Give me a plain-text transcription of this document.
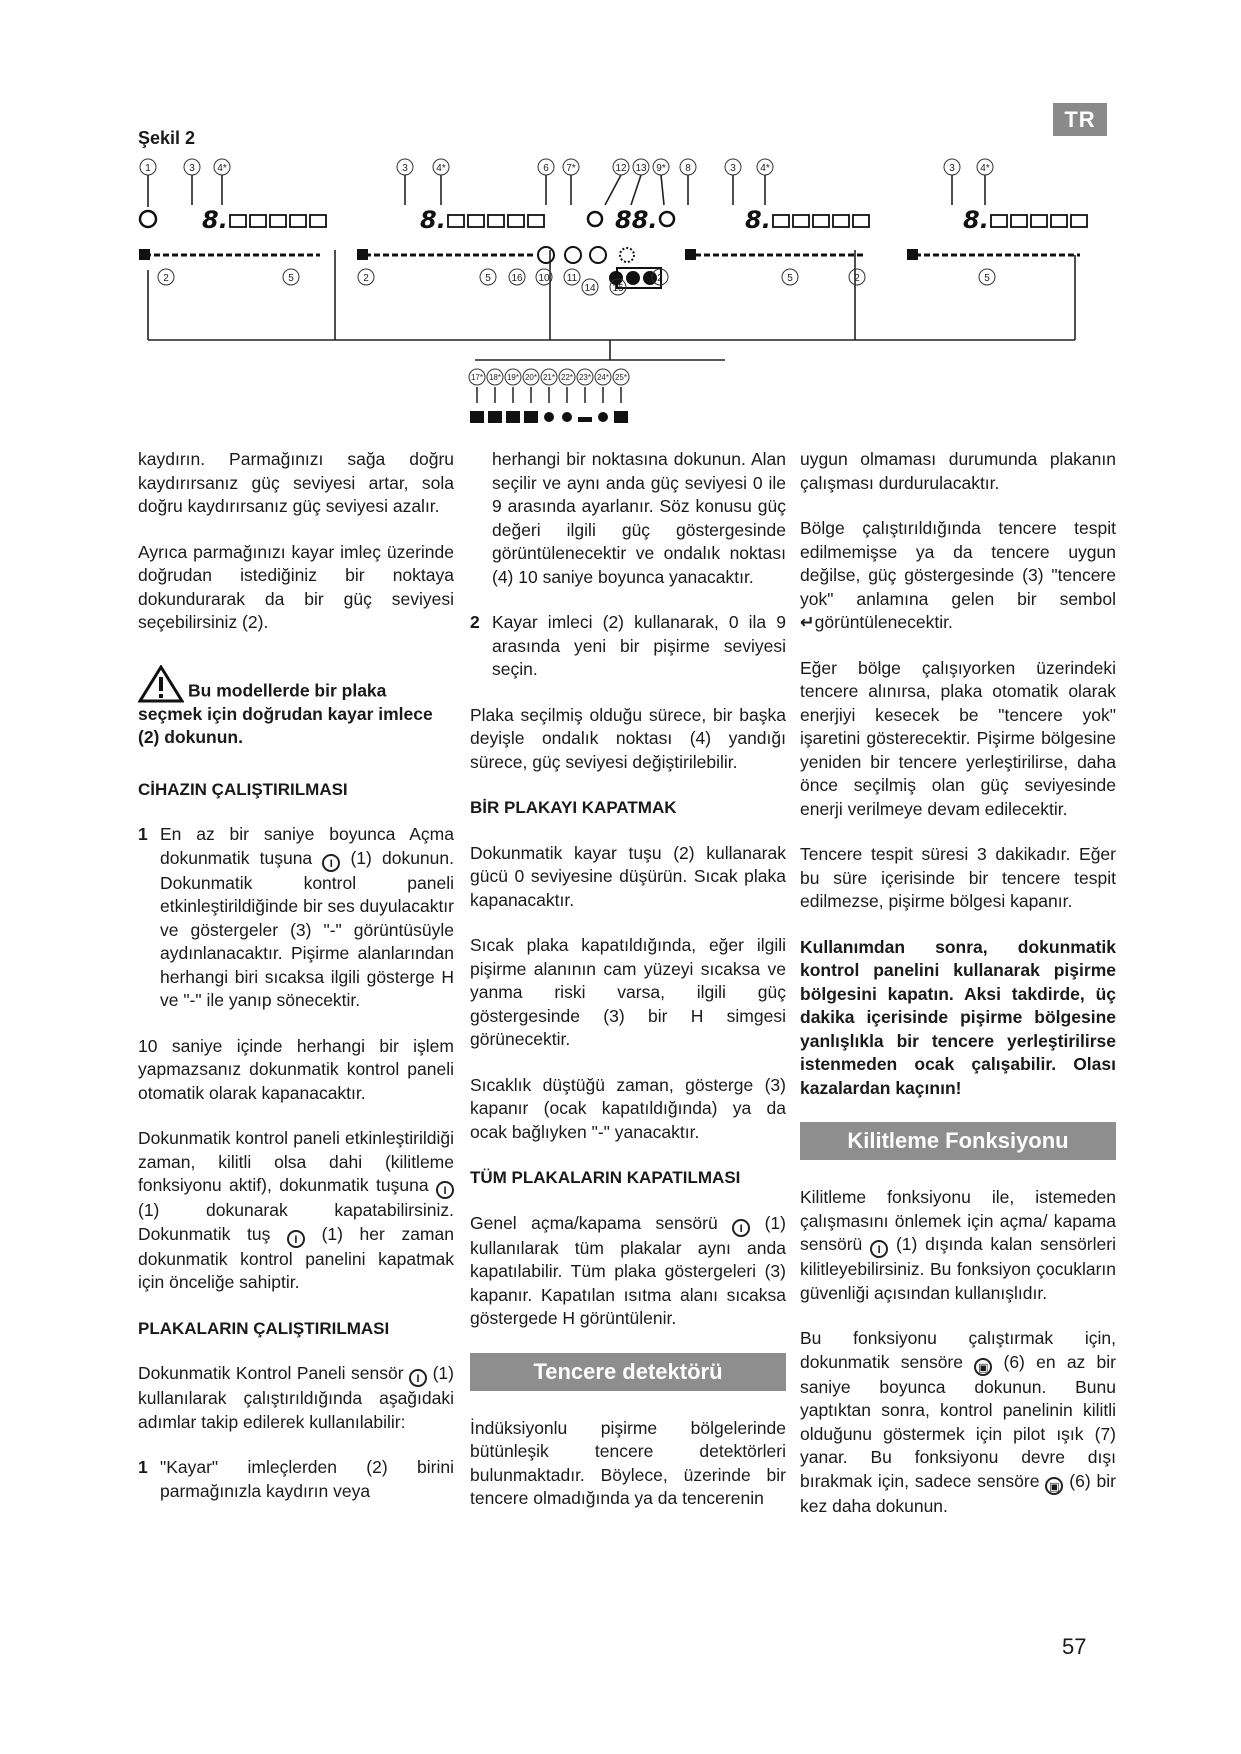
TR
Şekil 2
1	3 4*	3	4*	6 7*	12 13 9* 8	3 4*	3	4*
8.	8.	88.	8.	8.
2	5	2	5 16 10 11
14 15
2	5	2	5
17* 18* 19* 20* 21* 22* 23* 24* 25*

kaydırın. Parmağınızı sağa doğru kaydırırsanız güç seviyesi artar, sola doğru kaydırırsanız güç seviyesi azalır.

Ayrıca parmağınızı kayar imleç üzerinde doğrudan istediğiniz bir noktaya dokundurarak da bir güç seviyesi seçebilirsiniz (2).

Bu modellerde bir plaka seçmek için doğrudan kayar imlece (2) dokunun.
CİHAZIN ÇALIŞTIRILMASI
1 En az bir saniye boyunca Açma dokunmatik tuşuna I (1) dokunun. Dokunmatik kontrol paneli etkinleştirildiğinde bir ses duyulacaktır ve göstergeler (3) "-" görüntüsüyle aydınlanacaktır. Pişirme alanlarından herhangi biri sıcaksa ilgili gösterge H ve "-" ile yanıp sönecektir.

10 saniye içinde herhangi bir işlem yapmazsanız dokunmatik kontrol paneli otomatik olarak kapanacaktır.

Dokunmatik kontrol paneli etkinleştirildiği zaman, kilitli olsa dahi (kilitleme fonksiyonu aktif), dokunmatik tuşuna I (1) dokunarak kapatabilirsiniz. Dokunmatik tuş I (1) her zaman dokunmatik kontrol panelini kapatmak için önceliğe sahiptir.

PLAKALARIN ÇALIŞTIRILMASI

Dokunmatik Kontrol Paneli sensör I (1) kullanılarak çalıştırıldığında aşağıdaki adımlar takip edilerek kullanılabilir:

1 "Kayar" imleçlerden (2) birini parmağınızla kaydırın veya

herhangi bir noktasına dokunun. Alan seçilir ve aynı anda güç seviyesi 0 ile 9 arasında ayarlanır. Söz konusu güç değeri ilgili güç göstergesinde görüntülenecektir ve ondalık noktası (4) 10 saniye boyunca yanacaktır.

2 Kayar imleci (2) kullanarak, 0 ila 9 arasında yeni bir pişirme seviyesi seçin.

Plaka seçilmiş olduğu sürece, bir başka deyişle ondalık noktası (4) yandığı sürece, güç seviyesi değiştirilebilir.

BİR PLAKAYI KAPATMAK

Dokunmatik kayar tuşu (2) kullanarak gücü 0 seviyesine düşürün. Sıcak plaka kapanacaktır.

Sıcak plaka kapatıldığında, eğer ilgili pişirme alanının cam yüzeyi sıcaksa ve yanma riski varsa, ilgili güç göstergesinde (3) bir H simgesi görünecektir.

Sıcaklık düştüğü zaman, gösterge (3) kapanır (ocak kapatıldığında) ya da ocak bağlıyken "-" yanacaktır.

TÜM PLAKALARIN KAPATILMASI

Genel açma/kapama sensörü I (1) kullanılarak tüm plakalar aynı anda kapatılabilir. Tüm plaka göstergeleri (3) kapanır. Kapatılan ısıtma alanı sıcaksa göstergede H görüntülenir.

Tencere detektörü

İndüksiyonlu pişirme bölgelerinde bütünleşik tencere detektörleri bulunmaktadır. Böylece, üzerinde bir tencere olmadığında ya da tencerenin

uygun olmaması durumunda plakanın çalışması durdurulacaktır.

Bölge çalıştırıldığında tencere tespit edilmemişse ya da tencere uygun değilse, güç göstergesinde (3) "tencere yok" anlamına gelen bir sembol ↵görüntülenecektir.

Eğer bölge çalışıyorken üzerindeki tencere alınırsa, plaka otomatik olarak enerjiyi kesecek be "tencere yok" işaretini gösterecektir. Pişirme bölgesine yeniden bir tencere yerleştirilirse, daha önce seçilmiş olan güç seviyesinde enerji verilmeye devam edilecektir.

Tencere tespit süresi 3 dakikadır. Eğer bu süre içerisinde bir tencere tespit edilmezse, pişirme bölgesi kapanır.

Kullanımdan sonra, dokunmatik kontrol panelini kullanarak pişirme bölgesini kapatın. Aksi takdirde, üç dakika içerisinde pişirme bölgesine yanlışlıkla bir tencere yerleştirilirse istenmeden ocak çalışabilir. Olası kazalardan kaçının!

Kilitleme Fonksiyonu

Kilitleme fonksiyonu ile, istemeden çalışmasını önlemek için açma/ kapama sensörü I (1) dışında kalan sensörleri kilitleyebilirsiniz. Bu fonksiyon çocukların güvenliği açısından kullanışlıdır.

Bu fonksiyonu çalıştırmak için, dokunmatik sensöre ▣ (6) en az bir saniye boyunca dokunun. Bunu yaptıktan sonra, kontrol panelinin kilitli olduğunu göstermek için pilot ışık (7) yanar. Bu fonksiyonu devre dışı bırakmak için, sadece sensöre ▣ (6) bir kez daha dokunun.

57
